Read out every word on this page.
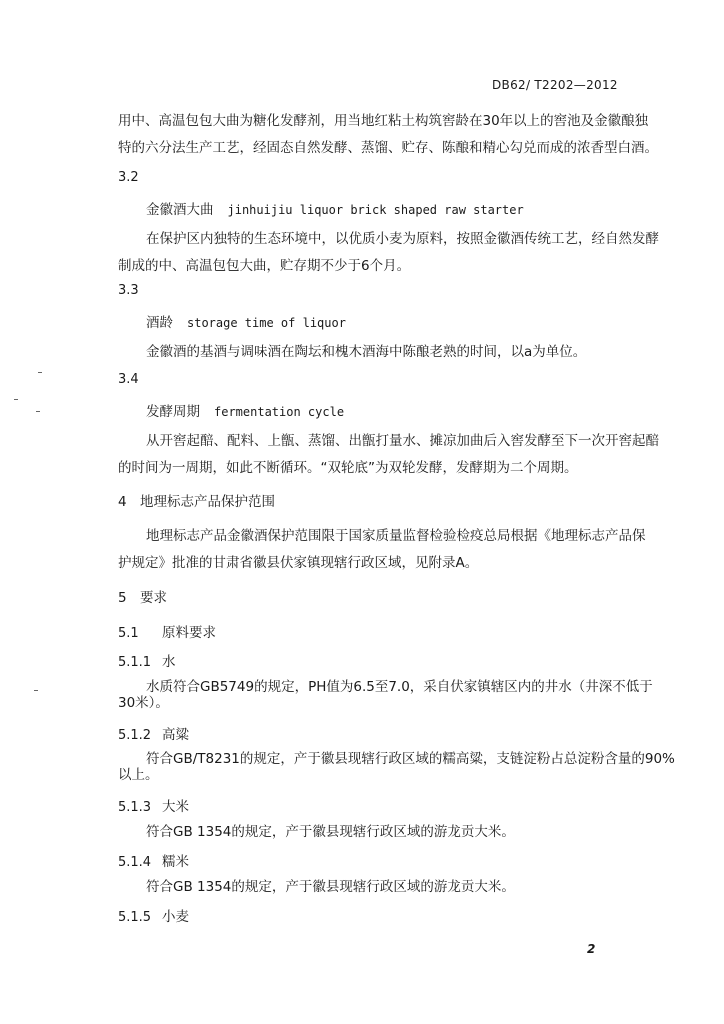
DB62/ T2202—2012
用中、高温包包大曲为糖化发酵剂，用当地红粘土构筑窖龄在30年以上的窖池及金徽酿独
特的六分法生产工艺，经固态自然发酵、蒸馏、贮存、陈酿和精心勾兑而成的浓香型白酒。
3.2
金徽酒大曲 jinhuijiu liquor brick shaped raw starter
在保护区内独特的生态环境中，以优质小麦为原料，按照金徽酒传统工艺，经自然发酵
制成的中、高温包包大曲，贮存期不少于6个月。
3.3
酒龄 storage time of liquor
金徽酒的基酒与调味酒在陶坛和槐木酒海中陈酿老熟的时间，以a为单位。
3.4
发酵周期 fermentation cycle
从开窖起醅、配料、上甑、蒸馏、出甑打量水、摊凉加曲后入窖发酵至下一次开窖起醅
的时间为一周期，如此不断循环。“双轮底”为双轮发酵，发酵期为二个周期。
4 地理标志产品保护范围
地理标志产品金徽酒保护范围限于国家质量监督检验检疫总局根据《地理标志产品保
护规定》批准的甘肃省徽县伏家镇现辖行政区域，见附录A。
5 要求
5.1 原料要求
5.1.1 水
水质符合GB5749的规定，PH值为6.5至7.0，采自伏家镇辖区内的井水（井深不低于
30米）。
5.1.2 高粱
符合GB/T8231的规定，产于徽县现辖行政区域的糯高粱，支链淀粉占总淀粉含量的90%
以上。
5.1.3 大米
符合GB 1354的规定，产于徽县现辖行政区域的游龙贡大米。
5.1.4 糯米
符合GB 1354的规定，产于徽县现辖行政区域的游龙贡大米。
5.1.5 小麦
2
